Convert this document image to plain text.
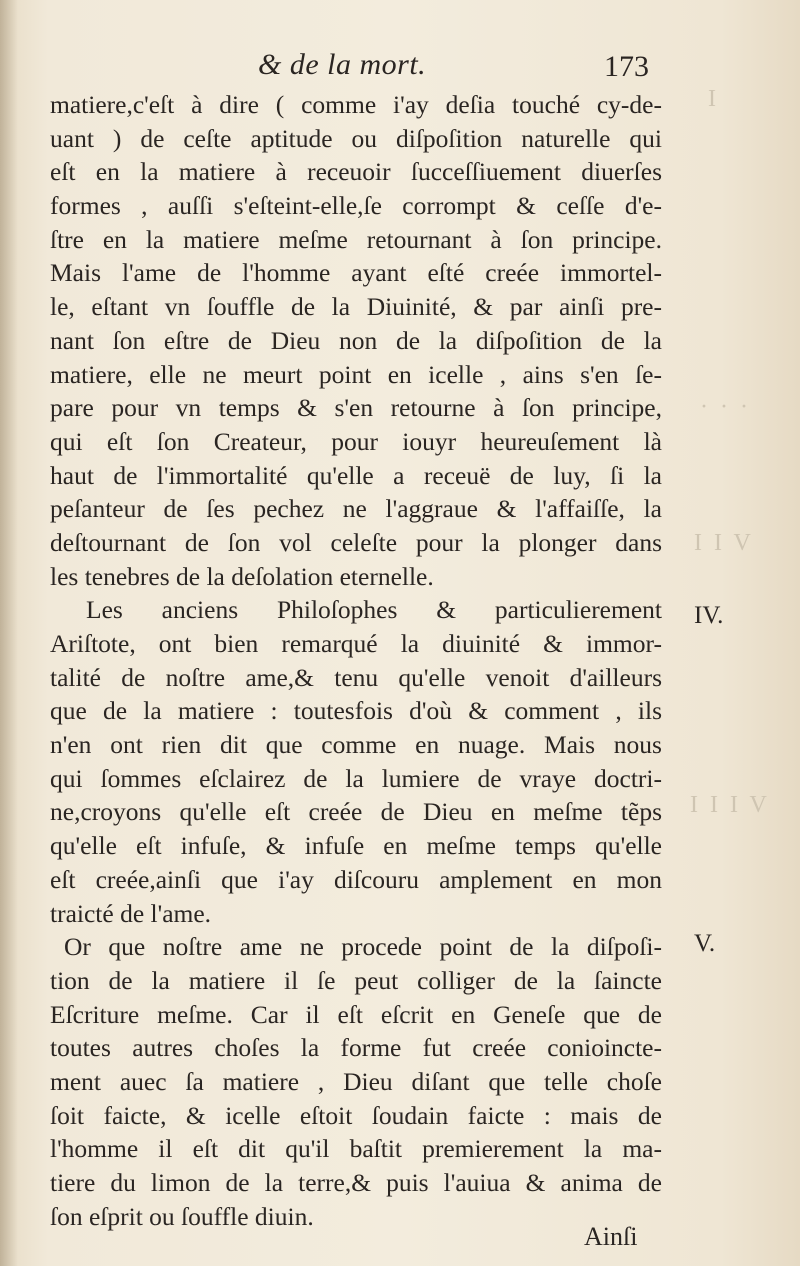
& de la mort.	173
I
· · ·
I I V
I I I V
matiere,c'eſt à dire ( comme i'ay deſia touché cy-de-
uant ) de ceſte aptitude ou diſpoſition naturelle qui
eſt en la matiere à receuoir ſucceſſiuement diuerſes
formes , auſſi s'eſteint-elle,ſe corrompt & ceſſe d'e-
ſtre en la matiere meſme retournant à ſon principe.
Mais l'ame de l'homme ayant eſté creée immortel-
le, eſtant vn ſouffle de la Diuinité, & par ainſi pre-
nant ſon eſtre de Dieu non de la diſpoſition de la
matiere, elle ne meurt point en icelle , ains s'en ſe-
pare pour vn temps & s'en retourne à ſon principe,
qui eſt ſon Createur, pour iouyr heureuſement là
haut de l'immortalité qu'elle a receuë de luy, ſi la
peſanteur de ſes pechez ne l'aggraue & l'affaiſſe, la
deſtournant de ſon vol celeſte pour la plonger dans
les tenebres de la deſolation eternelle.
Les anciens Philoſophes & particulierement
Ariſtote, ont bien remarqué la diuinité & immor-
talité de noſtre ame,& tenu qu'elle venoit d'ailleurs
que de la matiere : toutesfois d'où & comment , ils
n'en ont rien dit que comme en nuage. Mais nous
qui ſommes eſclairez de la lumiere de vraye doctri-
ne,croyons qu'elle eſt creée de Dieu en meſme tẽps
qu'elle eſt infuſe, & infuſe en meſme temps qu'elle
eſt creée,ainſi que i'ay diſcouru amplement en mon
traicté de l'ame.
Or que noſtre ame ne procede point de la diſpoſi-
tion de la matiere il ſe peut colliger de la ſaincte
Eſcriture meſme. Car il eſt eſcrit en Geneſe que de
toutes autres choſes la forme fut creée conioincte-
ment auec ſa matiere , Dieu diſant que telle choſe
ſoit faicte, & icelle eſtoit ſoudain faicte : mais de
l'homme il eſt dit qu'il baſtit premierement la ma-
tiere du limon de la terre,& puis l'auiua & anima de
ſon eſprit ou ſouffle diuin.
IV.
V.
Ainſi
